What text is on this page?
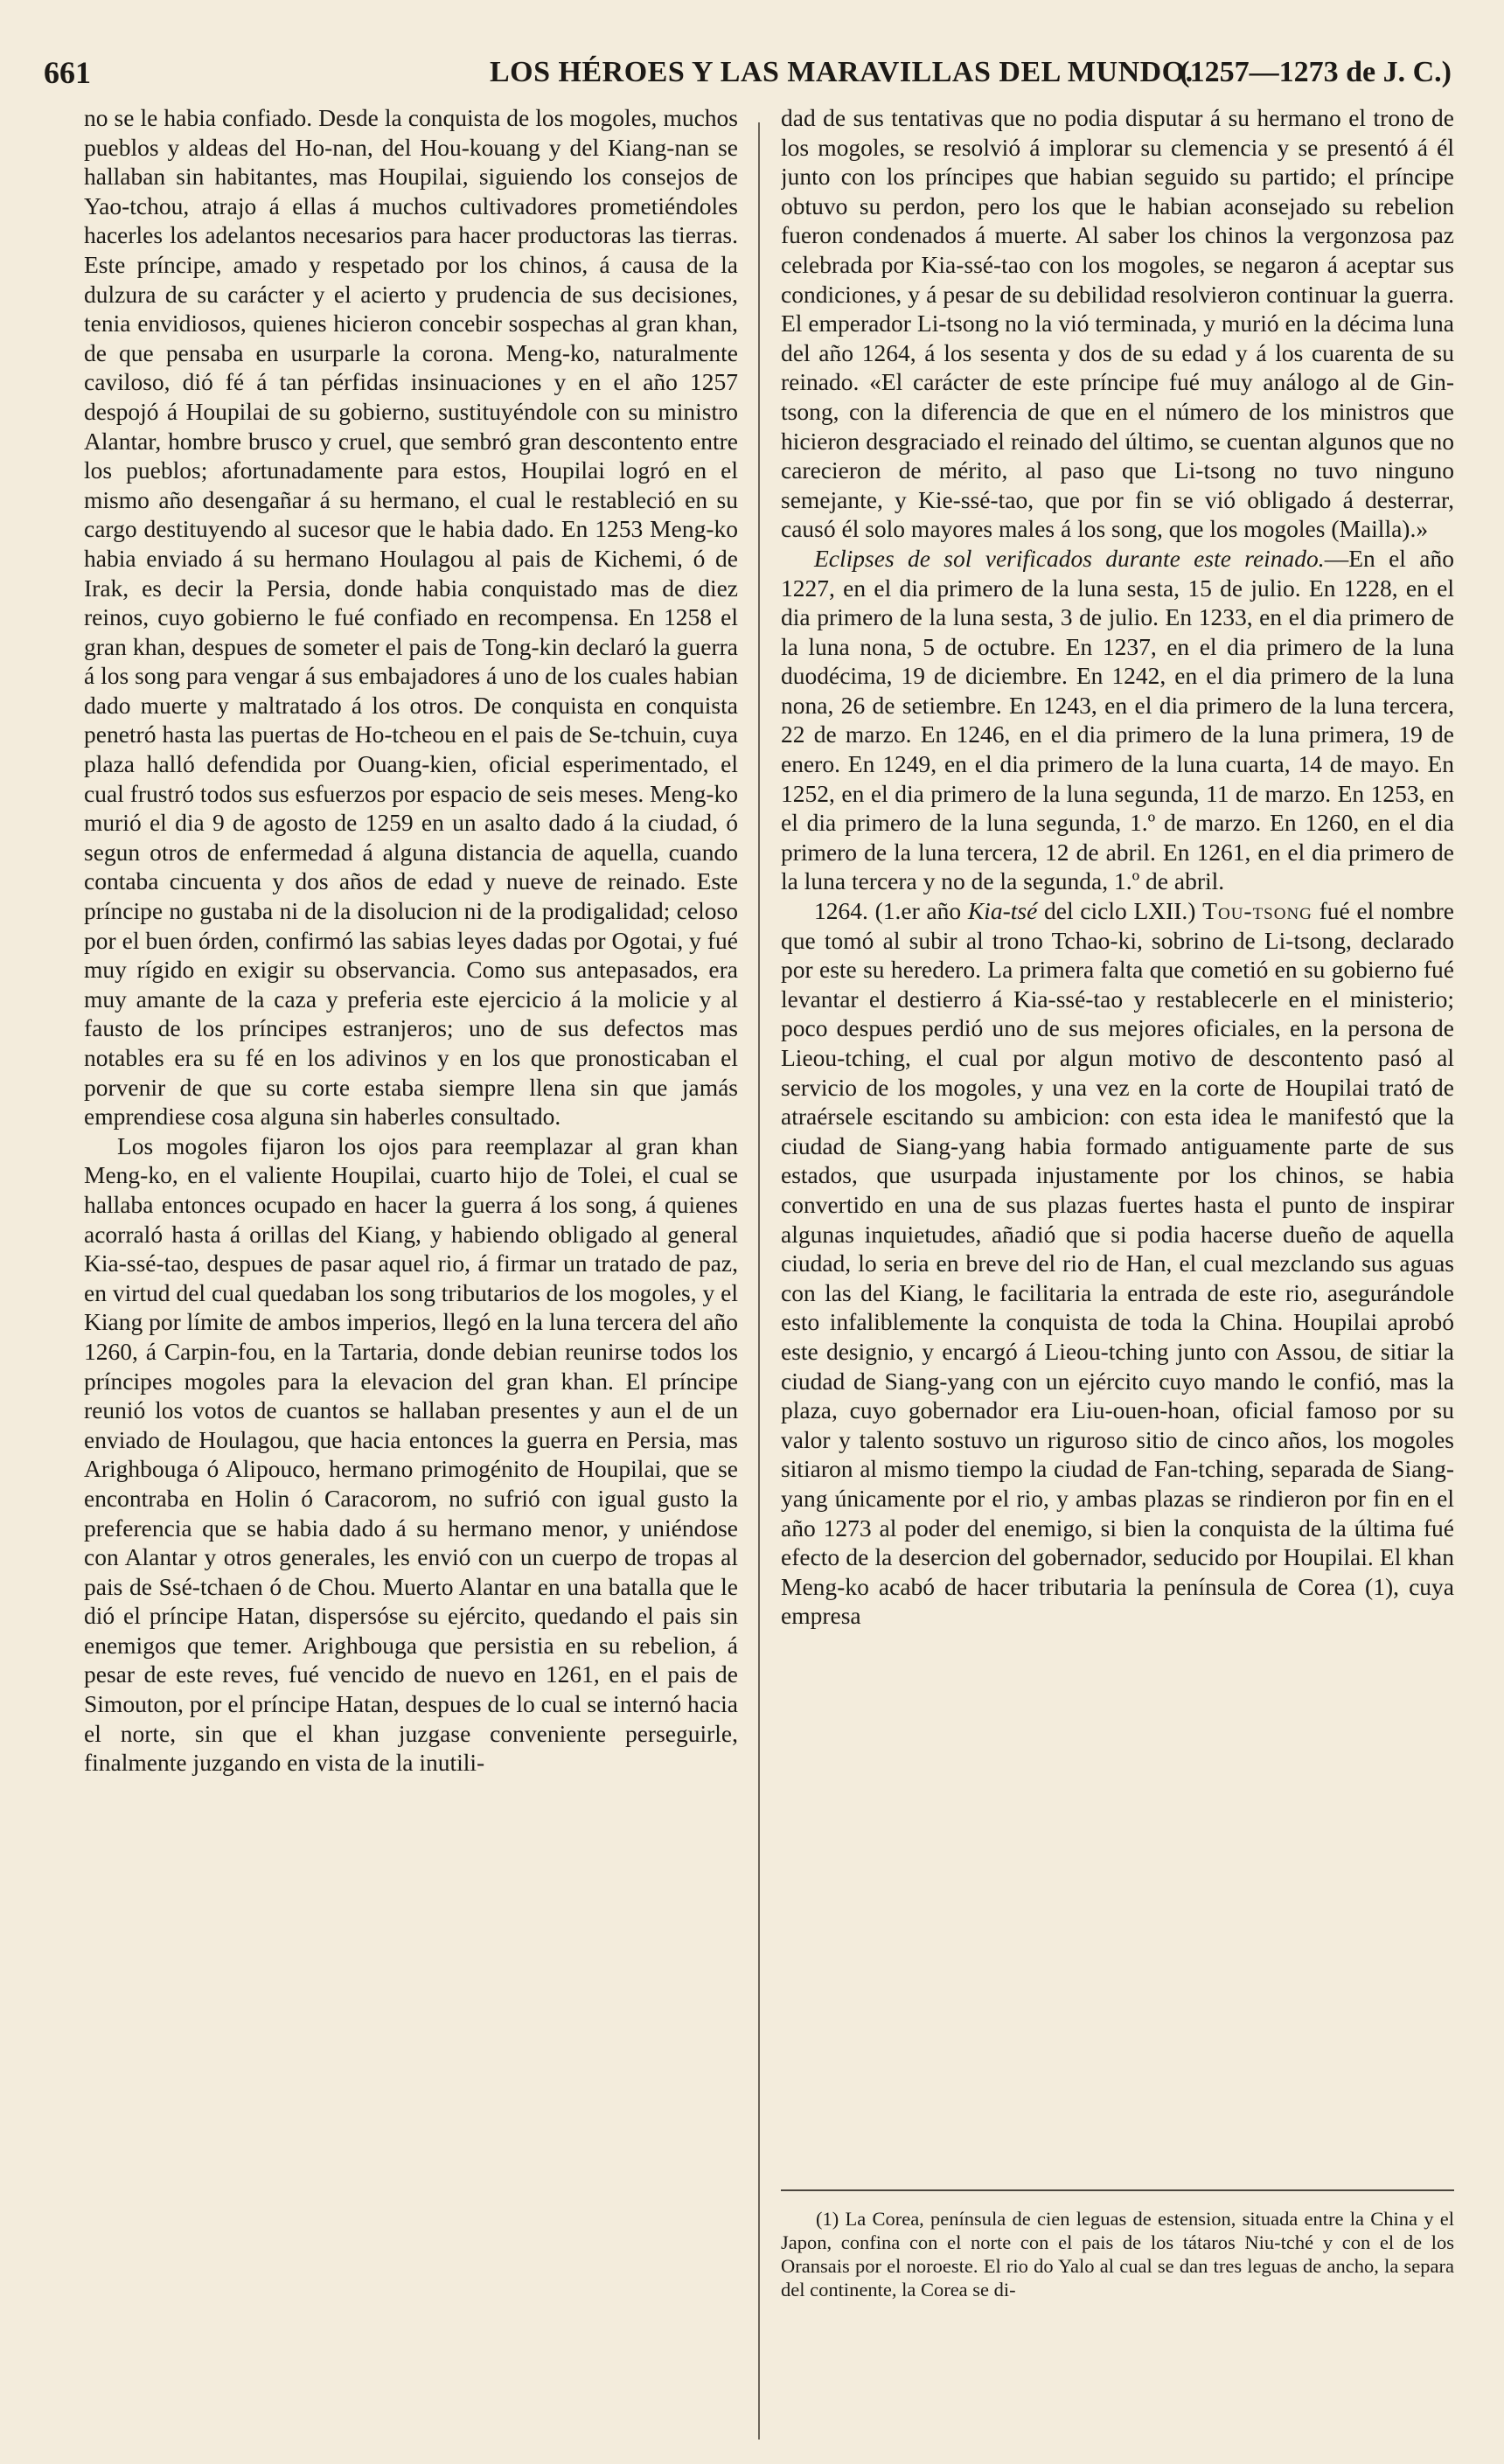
661	LOS HÉROES Y LAS MARAVILLAS DEL MUNDO.
(1257—1273 de J. C.)

no se le habia confiado. Desde la conquista de los mogoles, muchos pueblos y aldeas del Ho-nan, del Hou-kouang y del Kiang-nan se hallaban sin habitantes, mas Houpilai, siguiendo los consejos de Yao-tchou, atrajo á ellas á muchos cultivadores prometiéndoles hacerles los adelantos necesarios para hacer productoras las tierras. Este príncipe, amado y respetado por los chinos, á causa de la dulzura de su carácter y el acierto y prudencia de sus decisiones, tenia envidiosos, quienes hicieron concebir sospechas al gran khan, de que pensaba en usurparle la corona. Meng-ko, naturalmente caviloso, dió fé á tan pérfidas insinuaciones y en el año 1257 despojó á Houpilai de su gobierno, sustituyéndole con su ministro Alantar, hombre brusco y cruel, que sembró gran descontento entre los pueblos; afortunadamente para estos, Houpilai logró en el mismo año desengañar á su hermano, el cual le restableció en su cargo destituyendo al sucesor que le habia dado. En 1253 Meng-ko habia enviado á su hermano Houlagou al pais de Kichemi, ó de Irak, es decir la Persia, donde habia conquistado mas de diez reinos, cuyo gobierno le fué confiado en recompensa. En 1258 el gran khan, despues de someter el pais de Tong-kin declaró la guerra á los song para vengar á sus embajadores á uno de los cuales habian dado muerte y maltratado á los otros. De conquista en conquista penetró hasta las puertas de Ho-tcheou en el pais de Se-tchuin, cuya plaza halló defendida por Ouang-kien, oficial esperimentado, el cual frustró todos sus esfuerzos por espacio de seis meses. Meng-ko murió el dia 9 de agosto de 1259 en un asalto dado á la ciudad, ó segun otros de enfermedad á alguna distancia de aquella, cuando contaba cincuenta y dos años de edad y nueve de reinado. Este príncipe no gustaba ni de la disolucion ni de la prodigalidad; celoso por el buen órden, confirmó las sabias leyes dadas por Ogotai, y fué muy rígido en exigir su observancia. Como sus antepasados, era muy amante de la caza y preferia este ejercicio á la molicie y al fausto de los príncipes estranjeros; uno de sus defectos mas notables era su fé en los adivinos y en los que pronosticaban el porvenir de que su corte estaba siempre llena sin que jamás emprendiese cosa alguna sin haberles consultado.

Los mogoles fijaron los ojos para reemplazar al gran khan Meng-ko, en el valiente Houpilai, cuarto hijo de Tolei, el cual se hallaba entonces ocupado en hacer la guerra á los song, á quienes acorraló hasta á orillas del Kiang, y habiendo obligado al general Kia-ssé-tao, despues de pasar aquel rio, á firmar un tratado de paz, en virtud del cual quedaban los song tributarios de los mogoles, y el Kiang por límite de ambos imperios, llegó en la luna tercera del año 1260, á Carpin-fou, en la Tartaria, donde debian reunirse todos los príncipes mogoles para la elevacion del gran khan. El príncipe reunió los votos de cuantos se hallaban presentes y aun el de un enviado de Houlagou, que hacia entonces la guerra en Persia, mas Arighbouga ó Alipouco, hermano primogénito de Houpilai, que se encontraba en Holin ó Caracorom, no sufrió con igual gusto la preferencia que se habia dado á su hermano menor, y uniéndose con Alantar y otros generales, les envió con un cuerpo de tropas al pais de Ssé-tchaen ó de Chou. Muerto Alantar en una batalla que le dió el príncipe Hatan, dispersóse su ejército, quedando el pais sin enemigos que temer. Arighbouga que persistia en su rebelion, á pesar de este reves, fué vencido de nuevo en 1261, en el pais de Simouton, por el príncipe Hatan, despues de lo cual se internó hacia el norte, sin que el khan juzgase conveniente perseguirle, finalmente juzgando en vista de la inutili-

dad de sus tentativas que no podia disputar á su hermano el trono de los mogoles, se resolvió á implorar su clemencia y se presentó á él junto con los príncipes que habian seguido su partido; el príncipe obtuvo su perdon, pero los que le habian aconsejado su rebelion fueron condenados á muerte. Al saber los chinos la vergonzosa paz celebrada por Kia-ssé-tao con los mogoles, se negaron á aceptar sus condiciones, y á pesar de su debilidad resolvieron continuar la guerra. El emperador Li-tsong no la vió terminada, y murió en la décima luna del año 1264, á los sesenta y dos de su edad y á los cuarenta de su reinado. «El carácter de este príncipe fué muy análogo al de Gin-tsong, con la diferencia de que en el número de los ministros que hicieron desgraciado el reinado del último, se cuentan algunos que no carecieron de mérito, al paso que Li-tsong no tuvo ninguno semejante, y Kie-ssé-tao, que por fin se vió obligado á desterrar, causó él solo mayores males á los song, que los mogoles (Mailla).»

Eclipses de sol verificados durante este reinado.—En el año 1227, en el dia primero de la luna sesta, 15 de julio. En 1228, en el dia primero de la luna sesta, 3 de julio. En 1233, en el dia primero de la luna nona, 5 de octubre. En 1237, en el dia primero de la luna duodécima, 19 de diciembre. En 1242, en el dia primero de la luna nona, 26 de setiembre. En 1243, en el dia primero de la luna tercera, 22 de marzo. En 1246, en el dia primero de la luna primera, 19 de enero. En 1249, en el dia primero de la luna cuarta, 14 de mayo. En 1252, en el dia primero de la luna segunda, 11 de marzo. En 1253, en el dia primero de la luna segunda, 1.º de marzo. En 1260, en el dia primero de la luna tercera, 12 de abril. En 1261, en el dia primero de la luna tercera y no de la segunda, 1.º de abril.

1264. (1.er año Kia-tsé del ciclo LXII.) Tou-tsong fué el nombre que tomó al subir al trono Tchao-ki, sobrino de Li-tsong, declarado por este su heredero. La primera falta que cometió en su gobierno fué levantar el destierro á Kia-ssé-tao y restablecerle en el ministerio; poco despues perdió uno de sus mejores oficiales, en la persona de Lieou-tching, el cual por algun motivo de descontento pasó al servicio de los mogoles, y una vez en la corte de Houpilai trató de atraérsele escitando su ambicion: con esta idea le manifestó que la ciudad de Siang-yang habia formado antiguamente parte de sus estados, que usurpada injustamente por los chinos, se habia convertido en una de sus plazas fuertes hasta el punto de inspirar algunas inquietudes, añadió que si podia hacerse dueño de aquella ciudad, lo seria en breve del rio de Han, el cual mezclando sus aguas con las del Kiang, le facilitaria la entrada de este rio, asegurándole esto infaliblemente la conquista de toda la China. Houpilai aprobó este designio, y encargó á Lieou-tching junto con Assou, de sitiar la ciudad de Siang-yang con un ejército cuyo mando le confió, mas la plaza, cuyo gobernador era Liu-ouen-hoan, oficial famoso por su valor y talento sostuvo un riguroso sitio de cinco años, los mogoles sitiaron al mismo tiempo la ciudad de Fan-tching, separada de Siang-yang únicamente por el rio, y ambas plazas se rindieron por fin en el año 1273 al poder del enemigo, si bien la conquista de la última fué efecto de la desercion del gobernador, seducido por Houpilai. El khan Meng-ko acabó de hacer tributaria la península de Corea (1), cuya empresa

(1) La Corea, península de cien leguas de estension, situada entre la China y el Japon, confina con el norte con el pais de los tátaros Niu-tché y con el de los Oransais por el noroeste. El rio do Yalo al cual se dan tres leguas de ancho, la separa del continente, la Corea se di-
